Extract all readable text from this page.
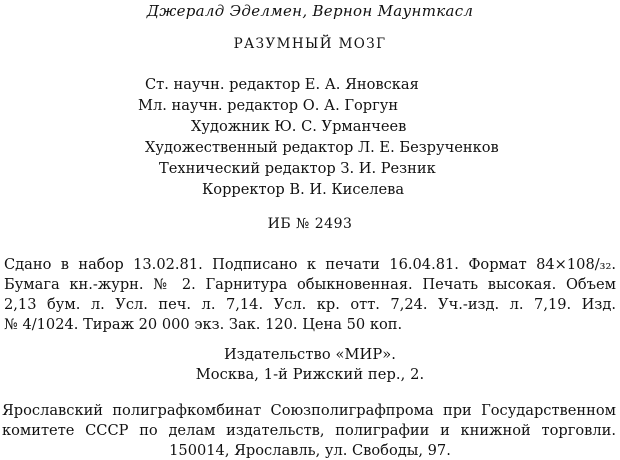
Джералд Эделмен, Вернон Маунткасл
РАЗУМНЫЙ МОЗГ
Ст. научн. редактор Е. А. Яновская
Мл. научн. редактор О. А. Горгун
Художник Ю. С. Урманчеев
Художественный редактор Л. Е. Безрученков
Технический редактор З. И. Резник
Корректор В. И. Киселева
ИБ № 2493
Сдано в набор 13.02.81. Подписано к печати 16.04.81. Формат 84×108/₃₂.
Бумага кн.-журн. № 2. Гарнитура обыкновенная. Печать высокая. Объем
2,13 бум. л. Усл. печ. л. 7,14. Усл. кр. отт. 7,24. Уч.-изд. л. 7,19. Изд.
№ 4/1024. Тираж 20 000 экз. Зак. 120. Цена 50 коп.
Издательство «МИР».
Москва, 1-й Рижский пер., 2.
Ярославский полиграфкомбинат Союзполиграфпрома при Государственном
комитете СССР по делам издательств, полиграфии и книжной торговли.
150014, Ярославль, ул. Свободы, 97.
